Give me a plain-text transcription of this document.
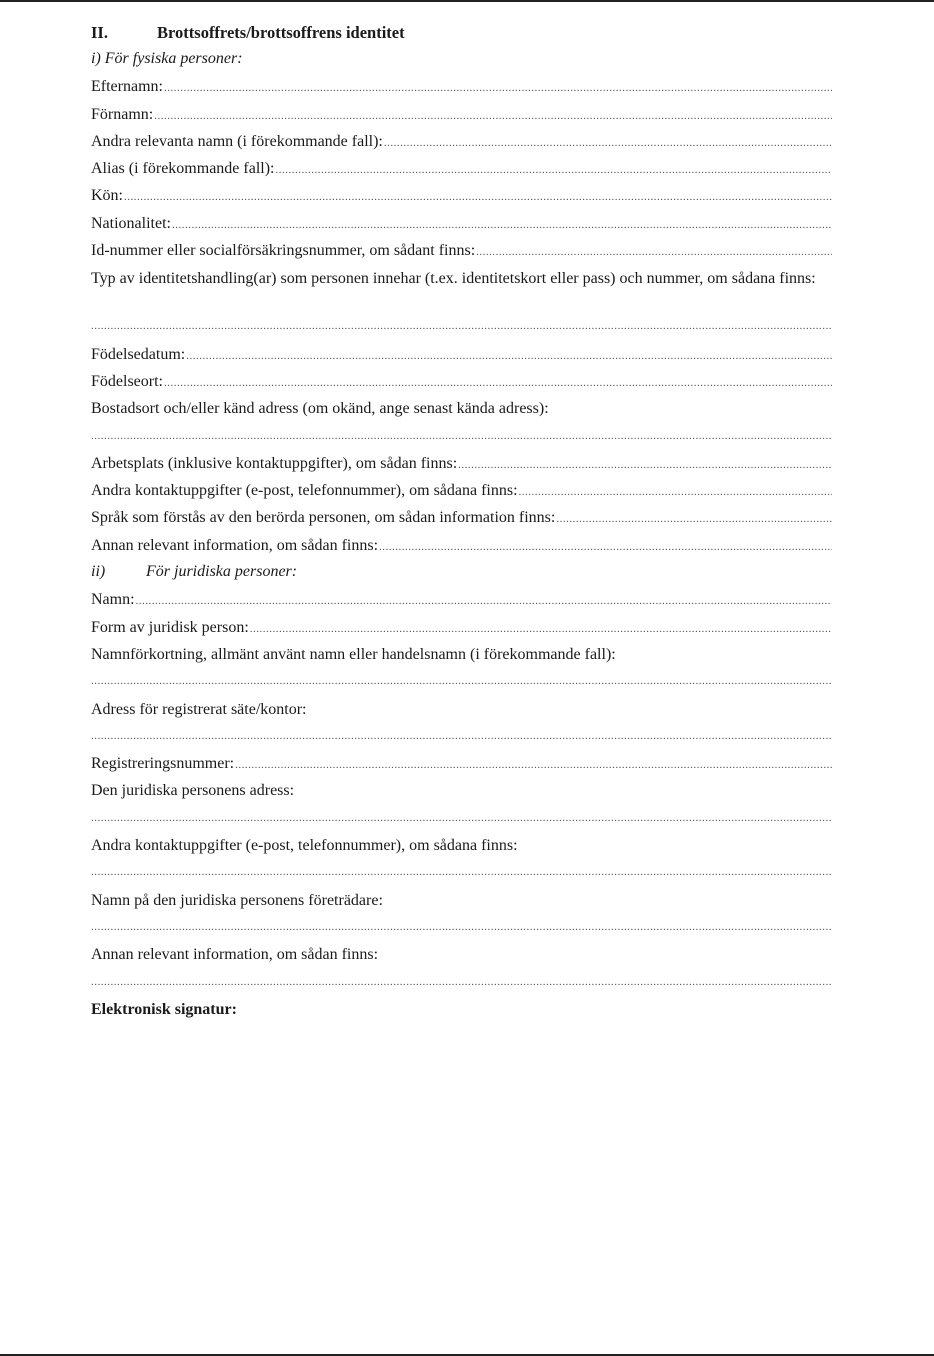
II.	Brottsoffrets/brottsoffrens identitet
i) För fysiska personer:
Efternamn:
.....
Förnamn:
.....
Andra relevanta namn (i förekommande fall):
.....
Alias (i förekommande fall):
.....
Kön:
.....
Nationalitet:
.....
Id-nummer eller socialförsäkringsnummer, om sådant finns:
.....
Typ av identitetshandling(ar) som personen innehar (t.ex. identitetskort eller pass) och nummer, om sådana finns:
.....
Födelsedatum:
.....
Födelseort:
.....
Bostadsort och/eller känd adress (om okänd, ange senast kända adress):
.....
Arbetsplats (inklusive kontaktuppgifter), om sådan finns:
.....
Andra kontaktuppgifter (e-post, telefonnummer), om sådana finns:
.....
Språk som förstås av den berörda personen, om sådan information finns:
.....
Annan relevant information, om sådan finns:
.....
ii)	För juridiska personer:
Namn:
.....
Form av juridisk person:
.....
Namnförkortning, allmänt använt namn eller handelsnamn (i förekommande fall):
.....
Adress för registrerat säte/kontor:
.....
Registreringsnummer:
.....
Den juridiska personens adress:
.....
Andra kontaktuppgifter (e-post, telefonnummer), om sådana finns:
.....
Namn på den juridiska personens företrädare:
.....
Annan relevant information, om sådan finns:
.....
Elektronisk signatur:
